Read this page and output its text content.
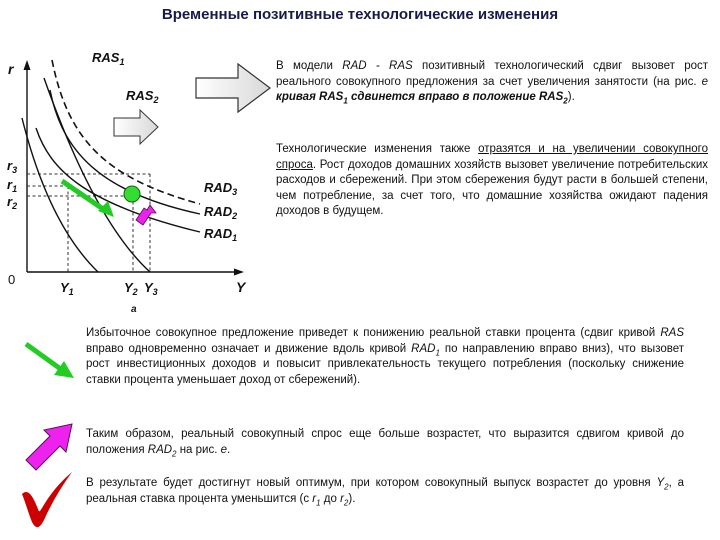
Временные позитивные технологические изменения
r
Y
0
$RAS_1$
$RAS_2$
$RAD_3$
$RAD_2$
$RAD_1$
$r_3$
$r_1$
$r_2$
$Y_1$	$Y_2$ $Y_3$
а

В модели RAD - RAS позитивный технологический сдвиг вызовет рост реального совокупного предложения за счет увеличения занятости (на рис. е кривая $RAS_1$ сдвинется вправо в положение $RAS_2$).

Технологические изменения также отразятся и на увеличении совокупного спроса. Рост доходов домашних хозяйств вызовет увеличение потребительских расходов и сбережений. При этом сбережения будут расти в большей степени, чем потребление, за счет того, что домашние хозяйства ожидают падения доходов в будущем.

Избыточное совокупное предложение приведет к понижению реальной ставки процента (сдвиг кривой RAS вправо одновременно означает и движение вдоль кривой $RAD_1$ по направлению вправо вниз), что вызовет рост инвестиционных доходов и повысит привлекательность текущего потребления (поскольку снижение ставки процента уменьшает доход от сбережений).

Таким образом, реальный совокупный спрос еще больше возрастет, что выразится сдвигом кривой до положения $RAD_2$ на рис. е.

В результате будет достигнут новый оптимум, при котором совокупный выпуск возрастет до уровня $Y_2$, а реальная ставка процента уменьшится (с $r_1$ до $r_2$).
